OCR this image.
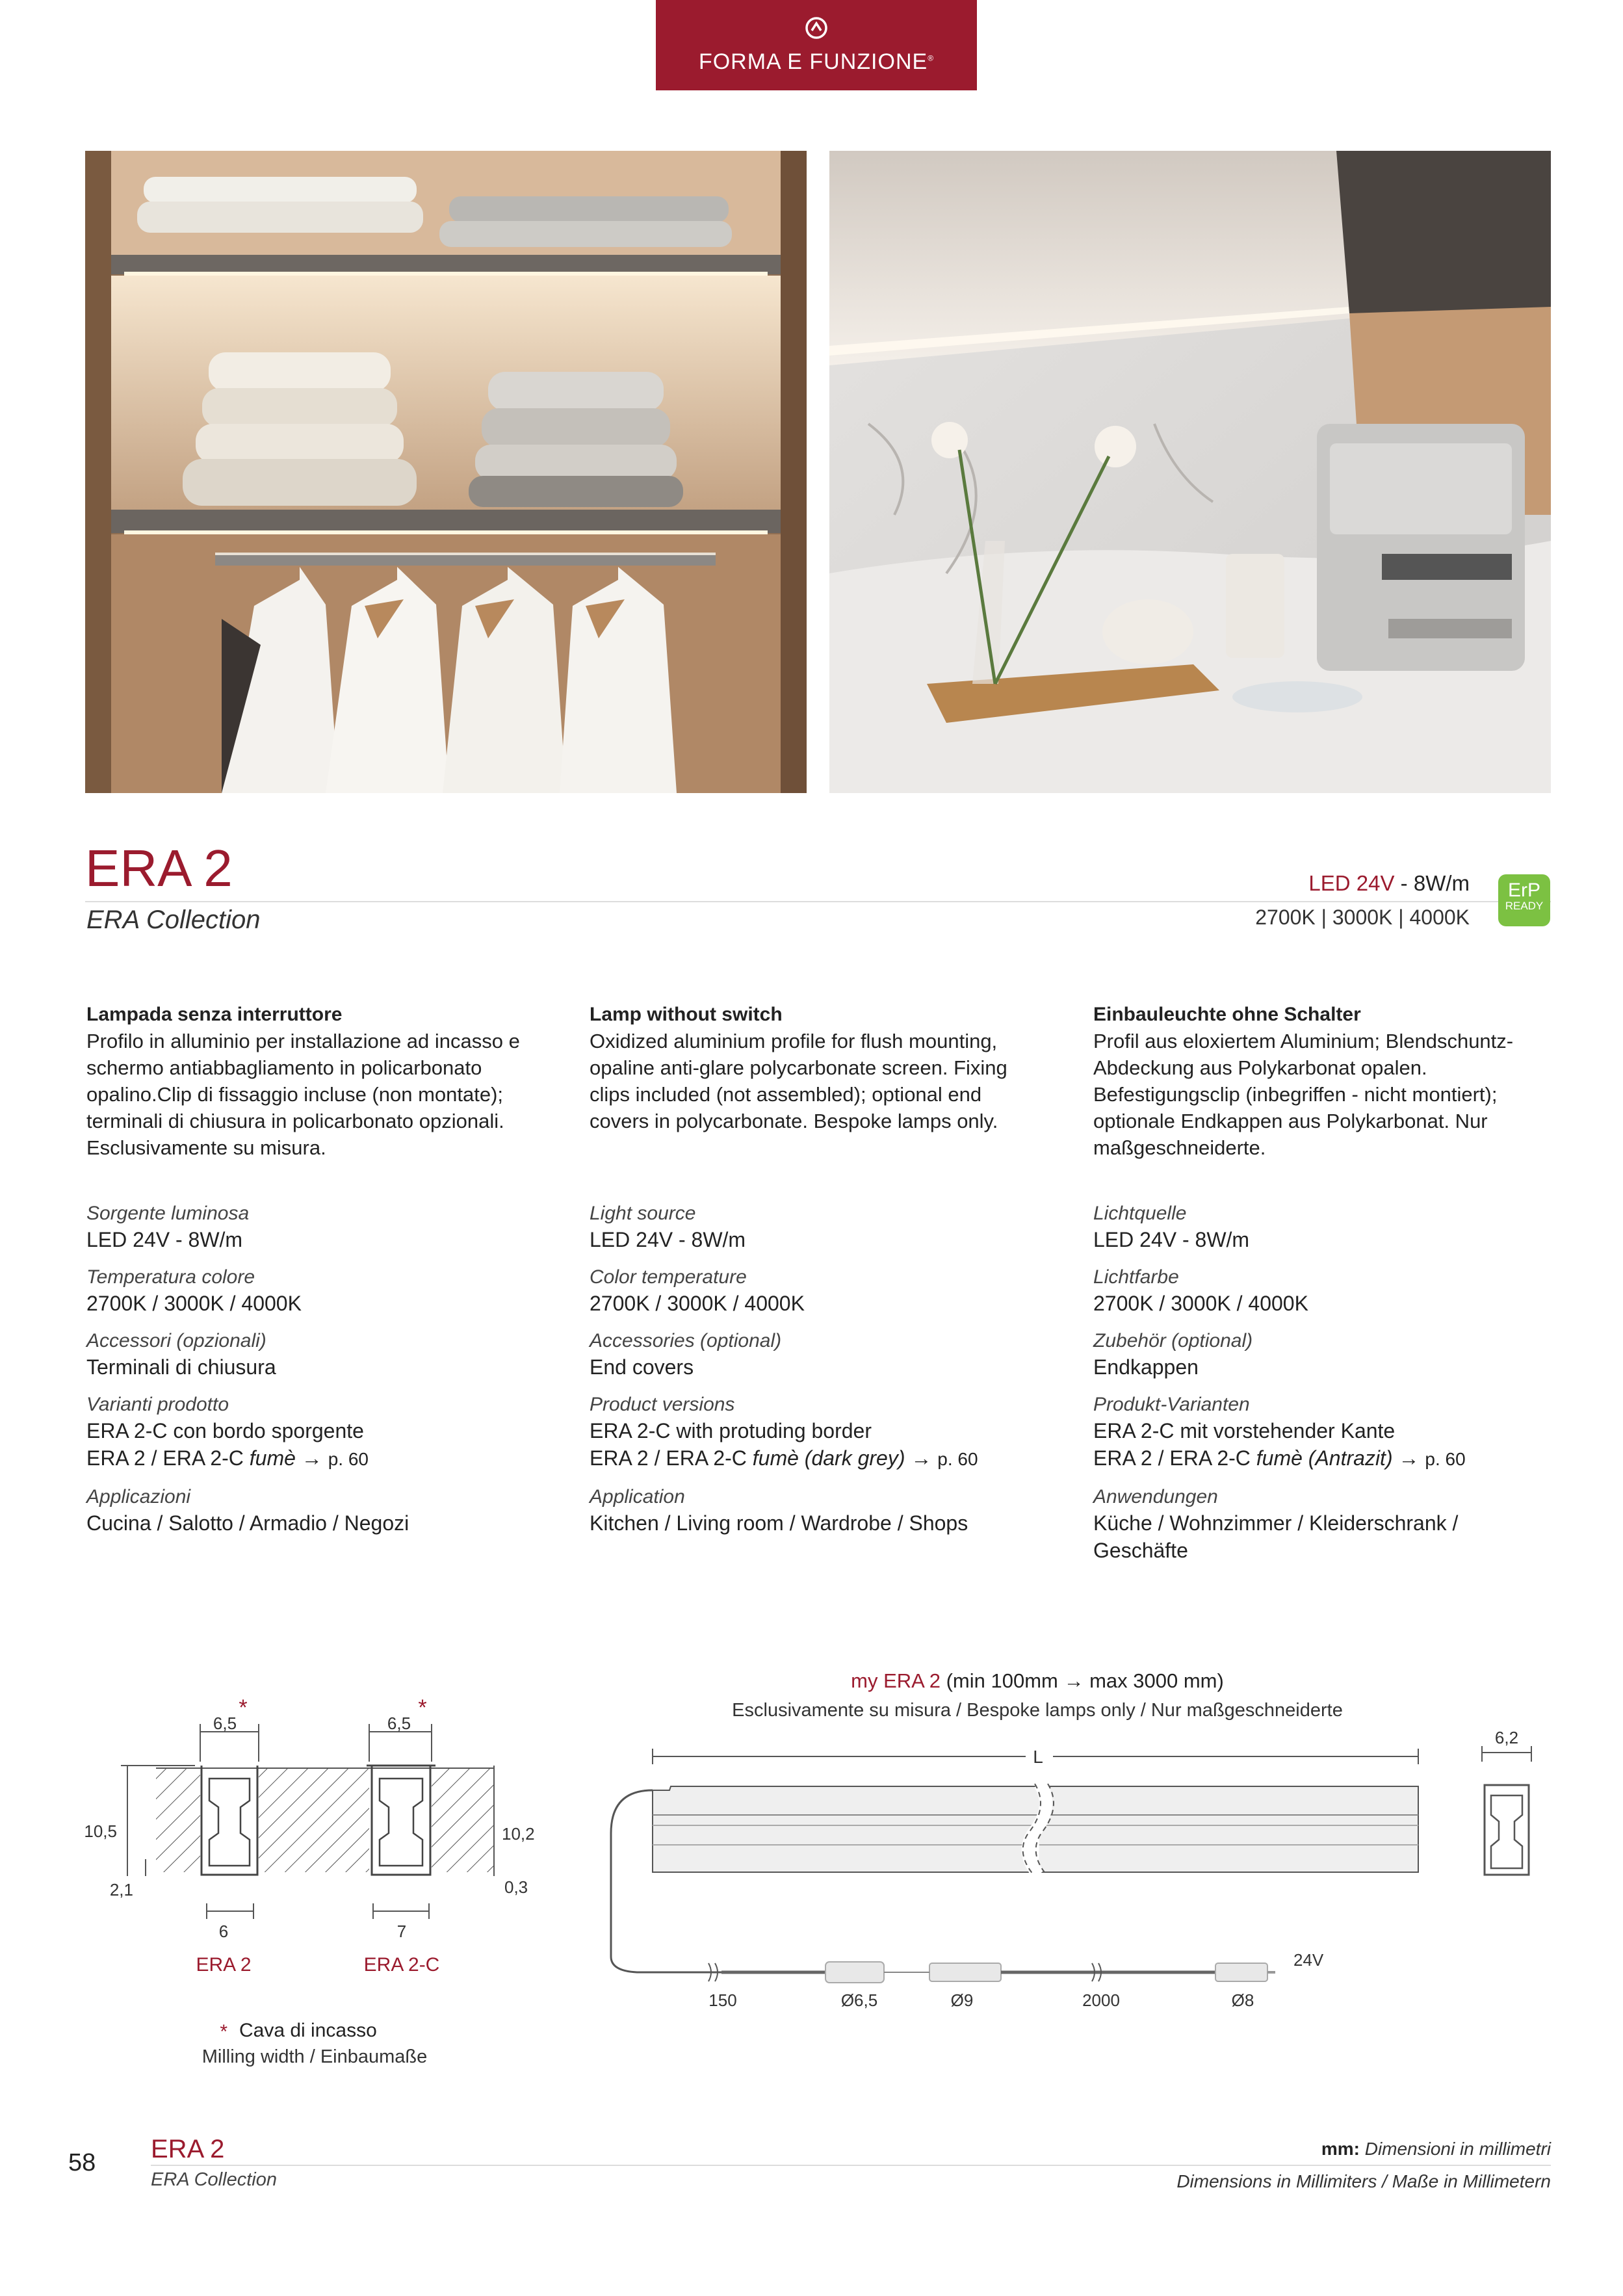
FORMA E FUNZIONE®
ERA 2
ERA Collection
LED 24V - 8W/m
2700K | 3000K | 4000K
ErP
READY
Lampada senza interruttore
Profilo in alluminio per installazione ad incasso e schermo antiabbagliamento in policarbonato opalino.Clip di fissaggio incluse (non montate); terminali di chiusura in policarbonato opzionali. Esclusivamente su misura.
Sorgente luminosa
LED 24V - 8W/m
Temperatura colore
2700K / 3000K / 4000K
Accessori (opzionali)
Terminali di chiusura
Varianti prodotto
ERA 2-C con bordo sporgente
ERA 2 / ERA 2-C fumè → p. 60
Applicazioni
Cucina / Salotto / Armadio / Negozi
Lamp without switch
Oxidized aluminium profile for flush mounting, opaline anti-glare polycarbonate screen. Fixing clips included (not assembled); optional end covers in polycarbonate. Bespoke lamps only.
Light source
LED 24V - 8W/m
Color temperature
2700K / 3000K / 4000K
Accessories (optional)
End covers
Product versions
ERA 2-C with protuding border
ERA 2 / ERA 2-C fumè (dark grey) → p. 60
Application
Kitchen / Living room / Wardrobe / Shops
Einbauleuchte ohne Schalter
Profil aus eloxiertem Aluminium; Blendschuntz-Abdeckung aus Polykarbonat opalen. Befestigungsclip (inbegriffen - nicht montiert); optionale Endkappen aus Polykarbonat. Nur maßgeschneiderte.
Lichtquelle
LED 24V - 8W/m
Lichtfarbe
2700K / 3000K / 4000K
Zubehör (optional)
Endkappen
Produkt-Varianten
ERA 2-C mit vorstehender Kante
ERA 2 / ERA 2-C fumè (Antrazit) → p. 60
Anwendungen
Küche / Wohnzimmer / Kleiderschrank / Geschäfte
6,5
*
6,5
*
10,5
2,1
10,2
0,3
6	7
ERA 2	ERA 2-C
* Cava di incasso
Milling width / Einbaumaße
my ERA 2 (min 100mm → max 3000 mm)
Esclusivamente su misura / Bespoke lamps only / Nur maßgeschneiderte
L
6,2
150	Ø6,5	Ø9	2000	Ø8
24V
58 ERA 2
ERA Collection
mm: Dimensioni in millimetri
Dimensions in Millimiters / Maße in Millimetern
